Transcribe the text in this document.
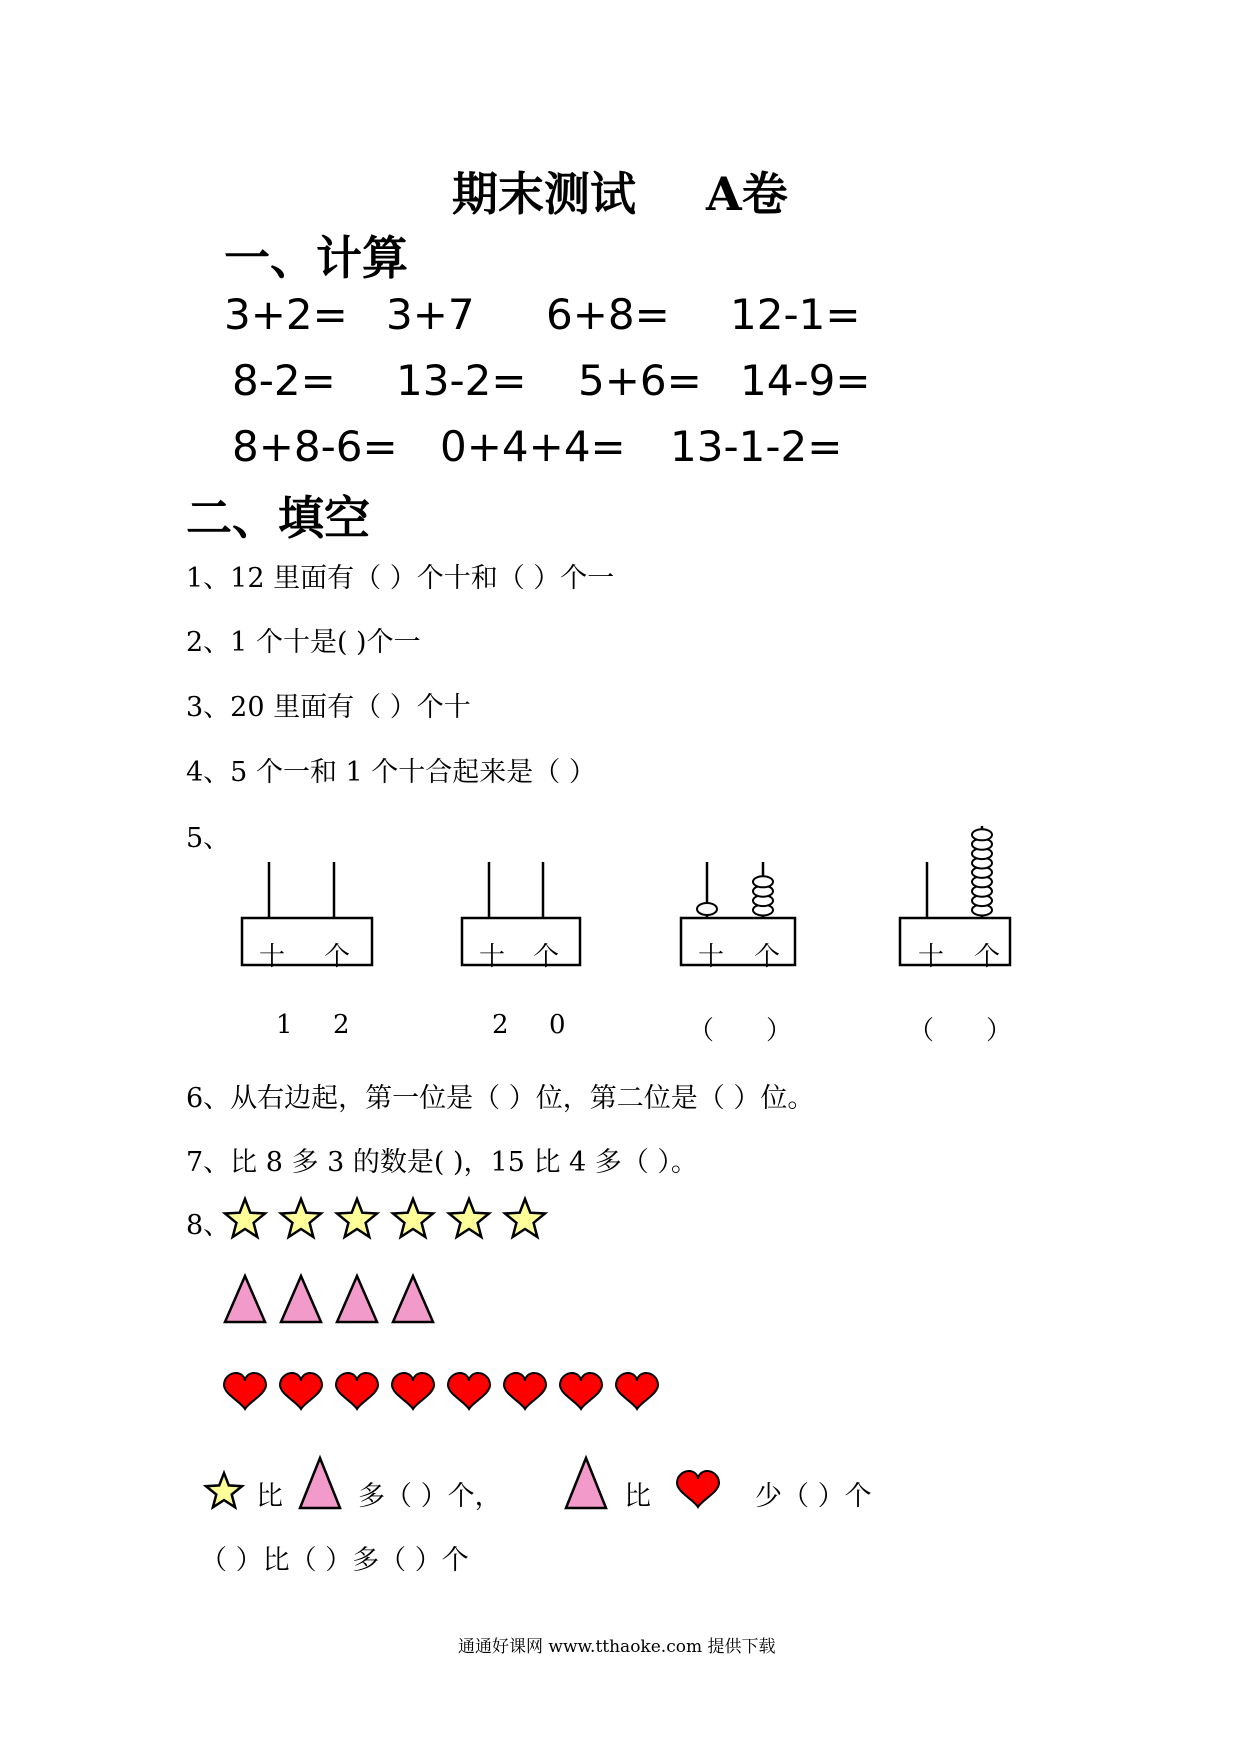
期末测试 A卷
一、计算
3+2= 3+7 6+8= 12-1=
8-2= 13-2= 5+6= 14-9=
8+8-6= 0+4+4= 13-1-2=
二、填空
1、12 里面有（ ）个十和（ ）个一
2、1 个十是( )个一
3、20 里面有（ ）个十
4、5 个一和 1 个十合起来是（ ）
5、
十 个	十 个	十 个	十 个
1 2	2 0	（ ）	（ ）
6、从右边起，第一位是（ ）位，第二位是（ ）位。
7、比 8 多 3 的数是( )，15 比 4 多（ ）。
8、
比	多（ ）个，	比	少（ ）个
（ ）比（ ）多（ ）个
通通好课网 www.tthaoke.com 提供下载
